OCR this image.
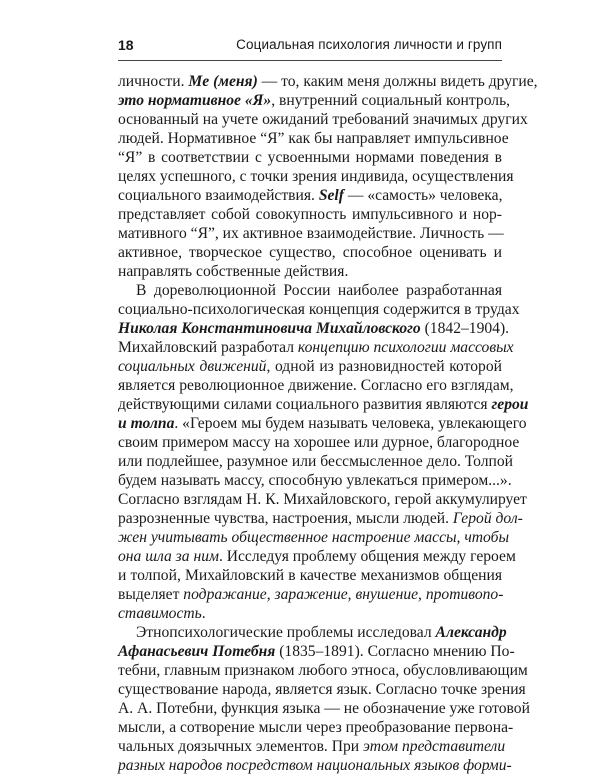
18	Социальная психология личности и групп
личности. Me (меня) — то, каким меня должны видеть другие,
это нормативное «Я», внутренний социальный контроль,
основанный на учете ожиданий требований значимых других
людей. Нормативное “Я” как бы направляет импульсивное
“Я” в соответствии с усвоенными нормами поведения в
целях успешного, с точки зрения индивида, осуществления
социального взаимодействия. Self — «самость» человека,
представляет собой совокупность импульсивного и нор-
мативного “Я”, их активное взаимодействие. Личность —
активное, творческое существо, способное оценивать и
направлять собственные действия.
В дореволюционной России наиболее разработанная
социально-психологическая концепция содержится в трудах
Николая Константиновича Михайловского (1842–1904).
Михайловский разработал концепцию психологии массовых
социальных движений, одной из разновидностей которой
является революционное движение. Согласно его взглядам,
действующими силами социального развития являются герои
и толпа. «Героем мы будем называть человека, увлекающего
своим примером массу на хорошее или дурное, благородное
или подлейшее, разумное или бессмысленное дело. Толпой
будем называть массу, способную увлекаться примером...».
Согласно взглядам Н. К. Михайловского, герой аккумулирует
разрозненные чувства, настроения, мысли людей. Герой дол-
жен учитывать общественное настроение массы, чтобы
она шла за ним. Исследуя проблему общения между героем
и толпой, Михайловский в качестве механизмов общения
выделяет подражание, заражение, внушение, противопо-
ставимость.
Этнопсихологические проблемы исследовал Александр
Афанасьевич Потебня (1835–1891). Согласно мнению По-
тебни, главным признаком любого этноса, обусловливающим
существование народа, является язык. Согласно точке зрения
А. А. Потебни, функция языка — не обозначение уже готовой
мысли, а сотворение мысли через преобразование первона-
чальных доязычных элементов. При этом представители
разных народов посредством национальных языков форми-
